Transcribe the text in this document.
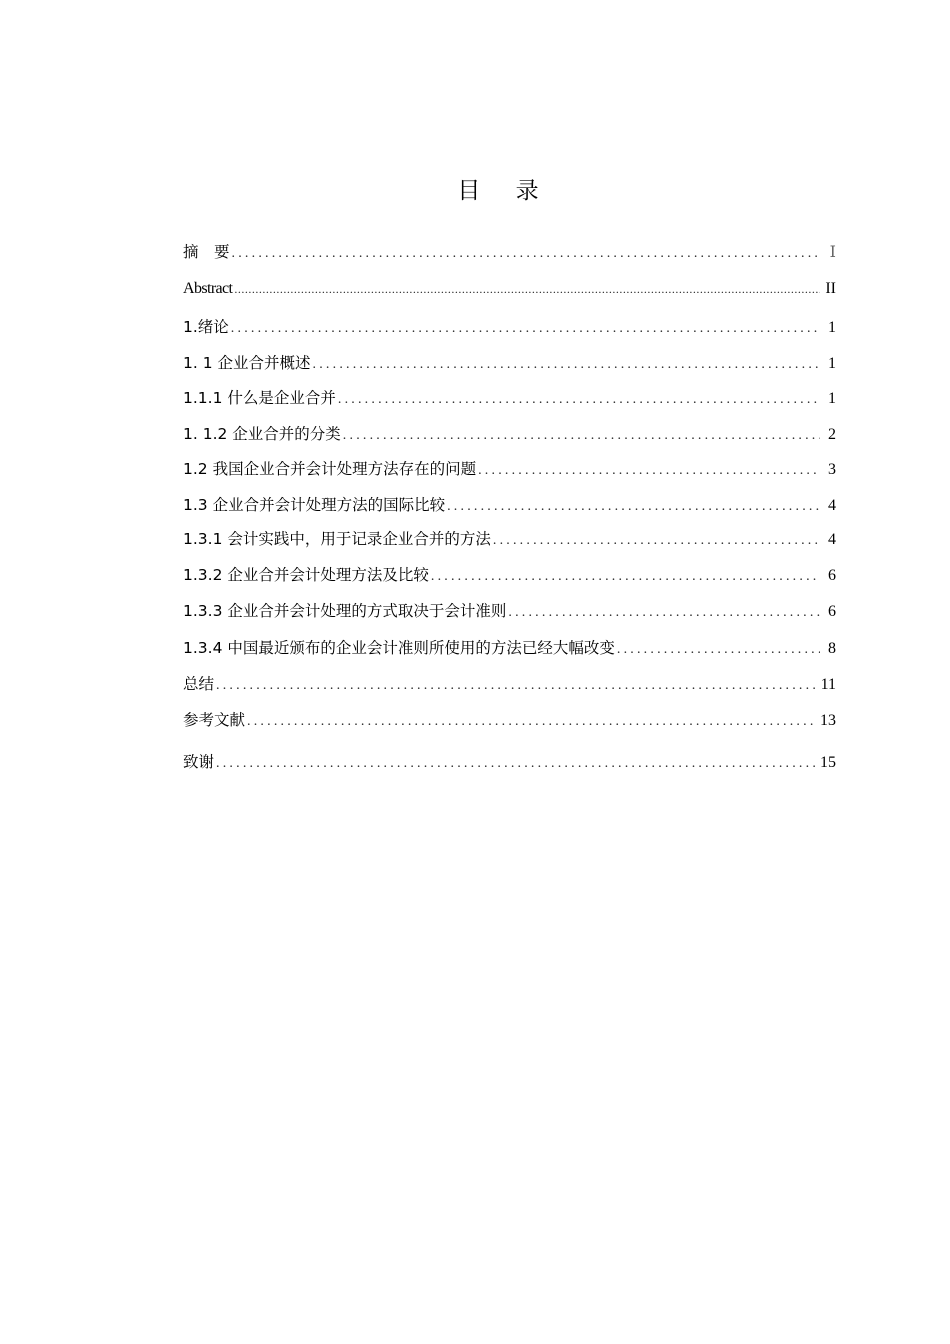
目 录
摘　要 .....	Ⅰ
Abstract .....	II
1.绪论 .....	1
1. 1 企业合并概述 .....	1
1.1.1 什么是企业合并 .....	1
1. 1.2 企业合并的分类 .....	2
1.2 我国企业合并会计处理方法存在的问题 .....	3
1.3 企业合并会计处理方法的国际比较 .....	4
1.3.1 会计实践中，用于记录企业合并的方法 .....	4
1.3.2 企业合并会计处理方法及比较 .....	6
1.3.3 企业合并会计处理的方式取决于会计准则 .....	6
1.3.4 中国最近颁布的企业会计准则所使用的方法已经大幅改变 .....	8
总结 .....	11
参考文献 .....	13
致谢 .....	15
